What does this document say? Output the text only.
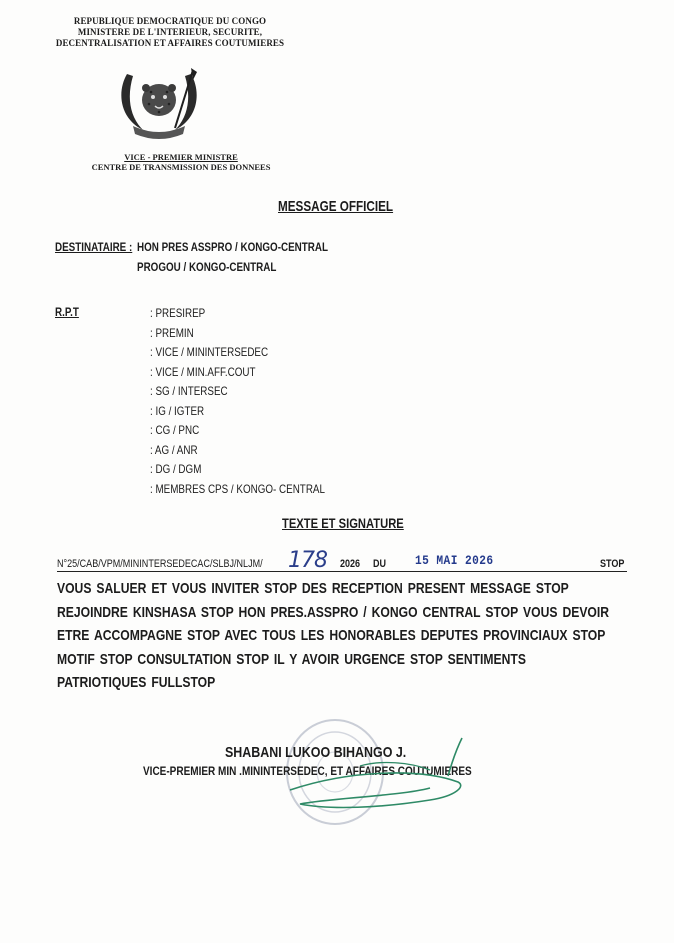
REPUBLIQUE DEMOCRATIQUE DU CONGO
MINISTERE DE L'INTERIEUR, SECURITE,
DECENTRALISATION ET AFFAIRES COUTUMIERES
VICE - PREMIER MINISTRE
CENTRE DE TRANSMISSION DES DONNEES
MESSAGE OFFICIEL
DESTINATAIRE : HON PRES ASSPRO / KONGO-CENTRAL
PROGOU / KONGO-CENTRAL
R.P.T	: PRESIREP
: PREMIN
: VICE / MININTERSEDEC
: VICE / MIN.AFF.COUT
: SG / INTERSEC
: IG / IGTER
: CG / PNC
: AG / ANR
: DG / DGM
: MEMBRES CPS / KONGO- CENTRAL
TEXTE ET SIGNATURE
N°25/CAB/VPM/MININTERSEDECAC/SLBJ/NLJM/ 178 2026 DU 15 MAI 2026	STOP
VOUS SALUER ET VOUS INVITER STOP DES RECEPTION PRESENT MESSAGE STOP
REJOINDRE KINSHASA STOP HON PRES.ASSPRO / KONGO CENTRAL STOP VOUS DEVOIR
ETRE ACCOMPAGNE STOP AVEC TOUS LES HONORABLES DEPUTES PROVINCIAUX STOP
MOTIF STOP CONSULTATION STOP IL Y AVOIR URGENCE STOP SENTIMENTS
PATRIOTIQUES FULLSTOP
SHABANI LUKOO BIHANGO J.
VICE-PREMIER MIN .MININTERSEDEC, ET AFFAIRES COUTUMIERES
